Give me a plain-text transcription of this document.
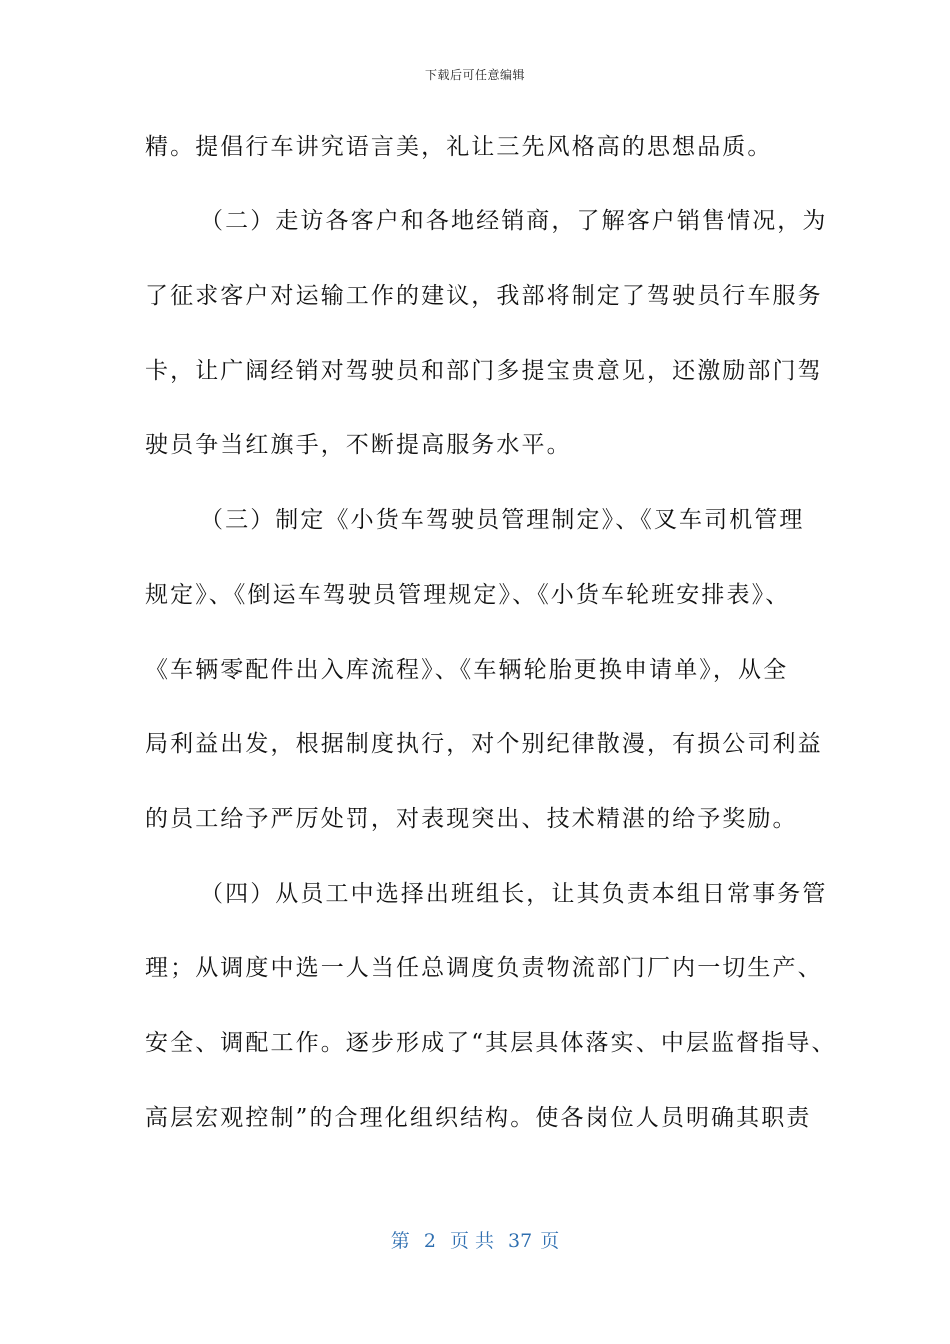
下载后可任意编辑
精。提倡行车讲究语言美，礼让三先风格高的思想品质。
（二）走访各客户和各地经销商，了解客户销售情况，为
了征求客户对运输工作的建议，我部将制定了驾驶员行车服务
卡，让广阔经销对驾驶员和部门多提宝贵意见，还激励部门驾
驶员争当红旗手，不断提高服务水平。
（三）制定《小货车驾驶员管理制定》、《叉车司机管理
规定》、《倒运车驾驶员管理规定》、《小货车轮班安排表》、
《车辆零配件出入库流程》、《车辆轮胎更换申请单》，从全
局利益出发，根据制度执行，对个别纪律散漫，有损公司利益
的员工给予严厉处罚，对表现突出、技术精湛的给予奖励。
（四）从员工中选择出班组长，让其负责本组日常事务管
理；从调度中选一人当任总调度负责物流部门厂内一切生产、
安全、调配工作。逐步形成了“其层具体落实、中层监督指导、
高层宏观控制”的合理化组织结构。使各岗位人员明确其职责
第 2 页 共 37 页
